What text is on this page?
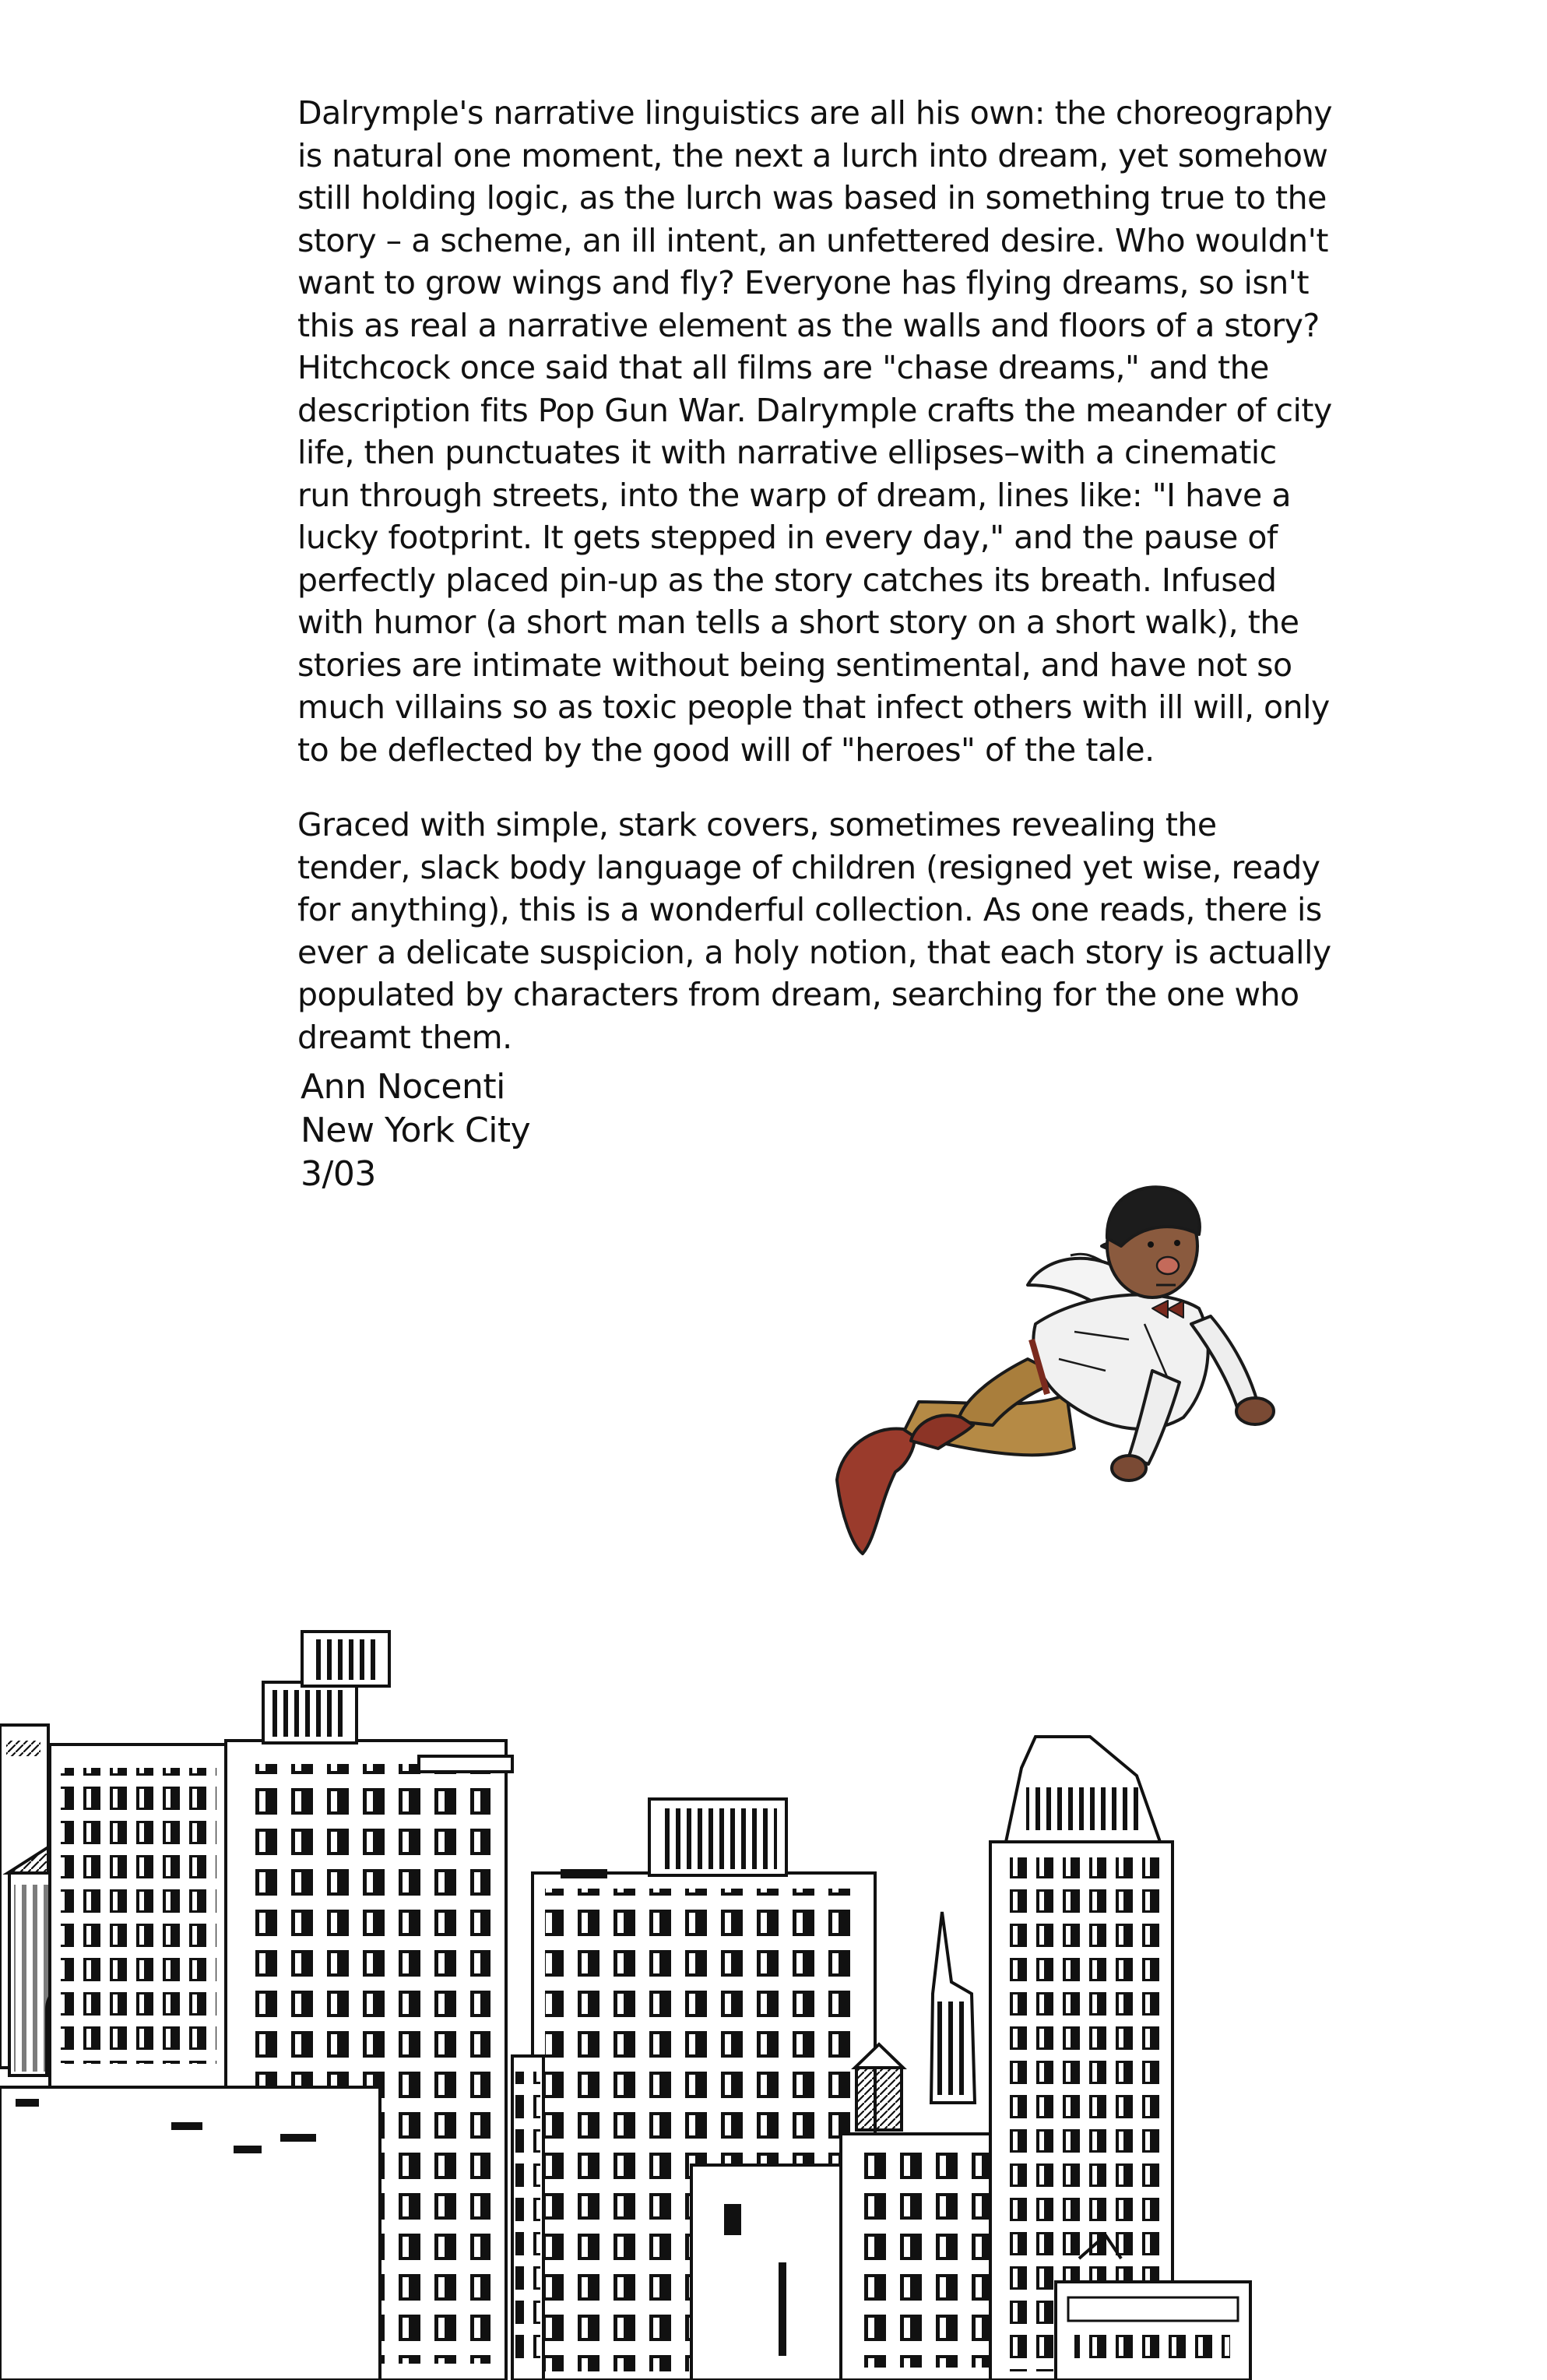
Dalrymple's narrative linguistics are all his own: the choreography is natural one moment, the next a lurch into dream, yet somehow still holding logic, as the lurch was based in something true to the story – a scheme, an ill intent, an unfettered desire. Who wouldn't want to grow wings and fly? Everyone has flying dreams, so isn't this as real a narrative element as the walls and floors of a story? Hitchcock once said that all films are "chase dreams," and the description fits Pop Gun War. Dalrymple crafts the meander of city life, then punctuates it with narrative ellipses–with a cinematic run through streets, into the warp of dream, lines like: "I have a lucky footprint. It gets stepped in every day," and the pause of perfectly placed pin-up as the story catches its breath. Infused with humor (a short man tells a short story on a short walk), the stories are intimate without being sentimental, and have not so much villains so as toxic people that infect others with ill will, only to be deflected by the good will of "heroes" of the tale.

Graced with simple, stark covers, sometimes revealing the tender, slack body language of children (resigned yet wise, ready for anything), this is a wonderful collection. As one reads, there is ever a delicate suspicion, a holy notion, that each story is actually populated by characters from dream, searching for the one who dreamt them.

Ann Nocenti
New York City
3/03
